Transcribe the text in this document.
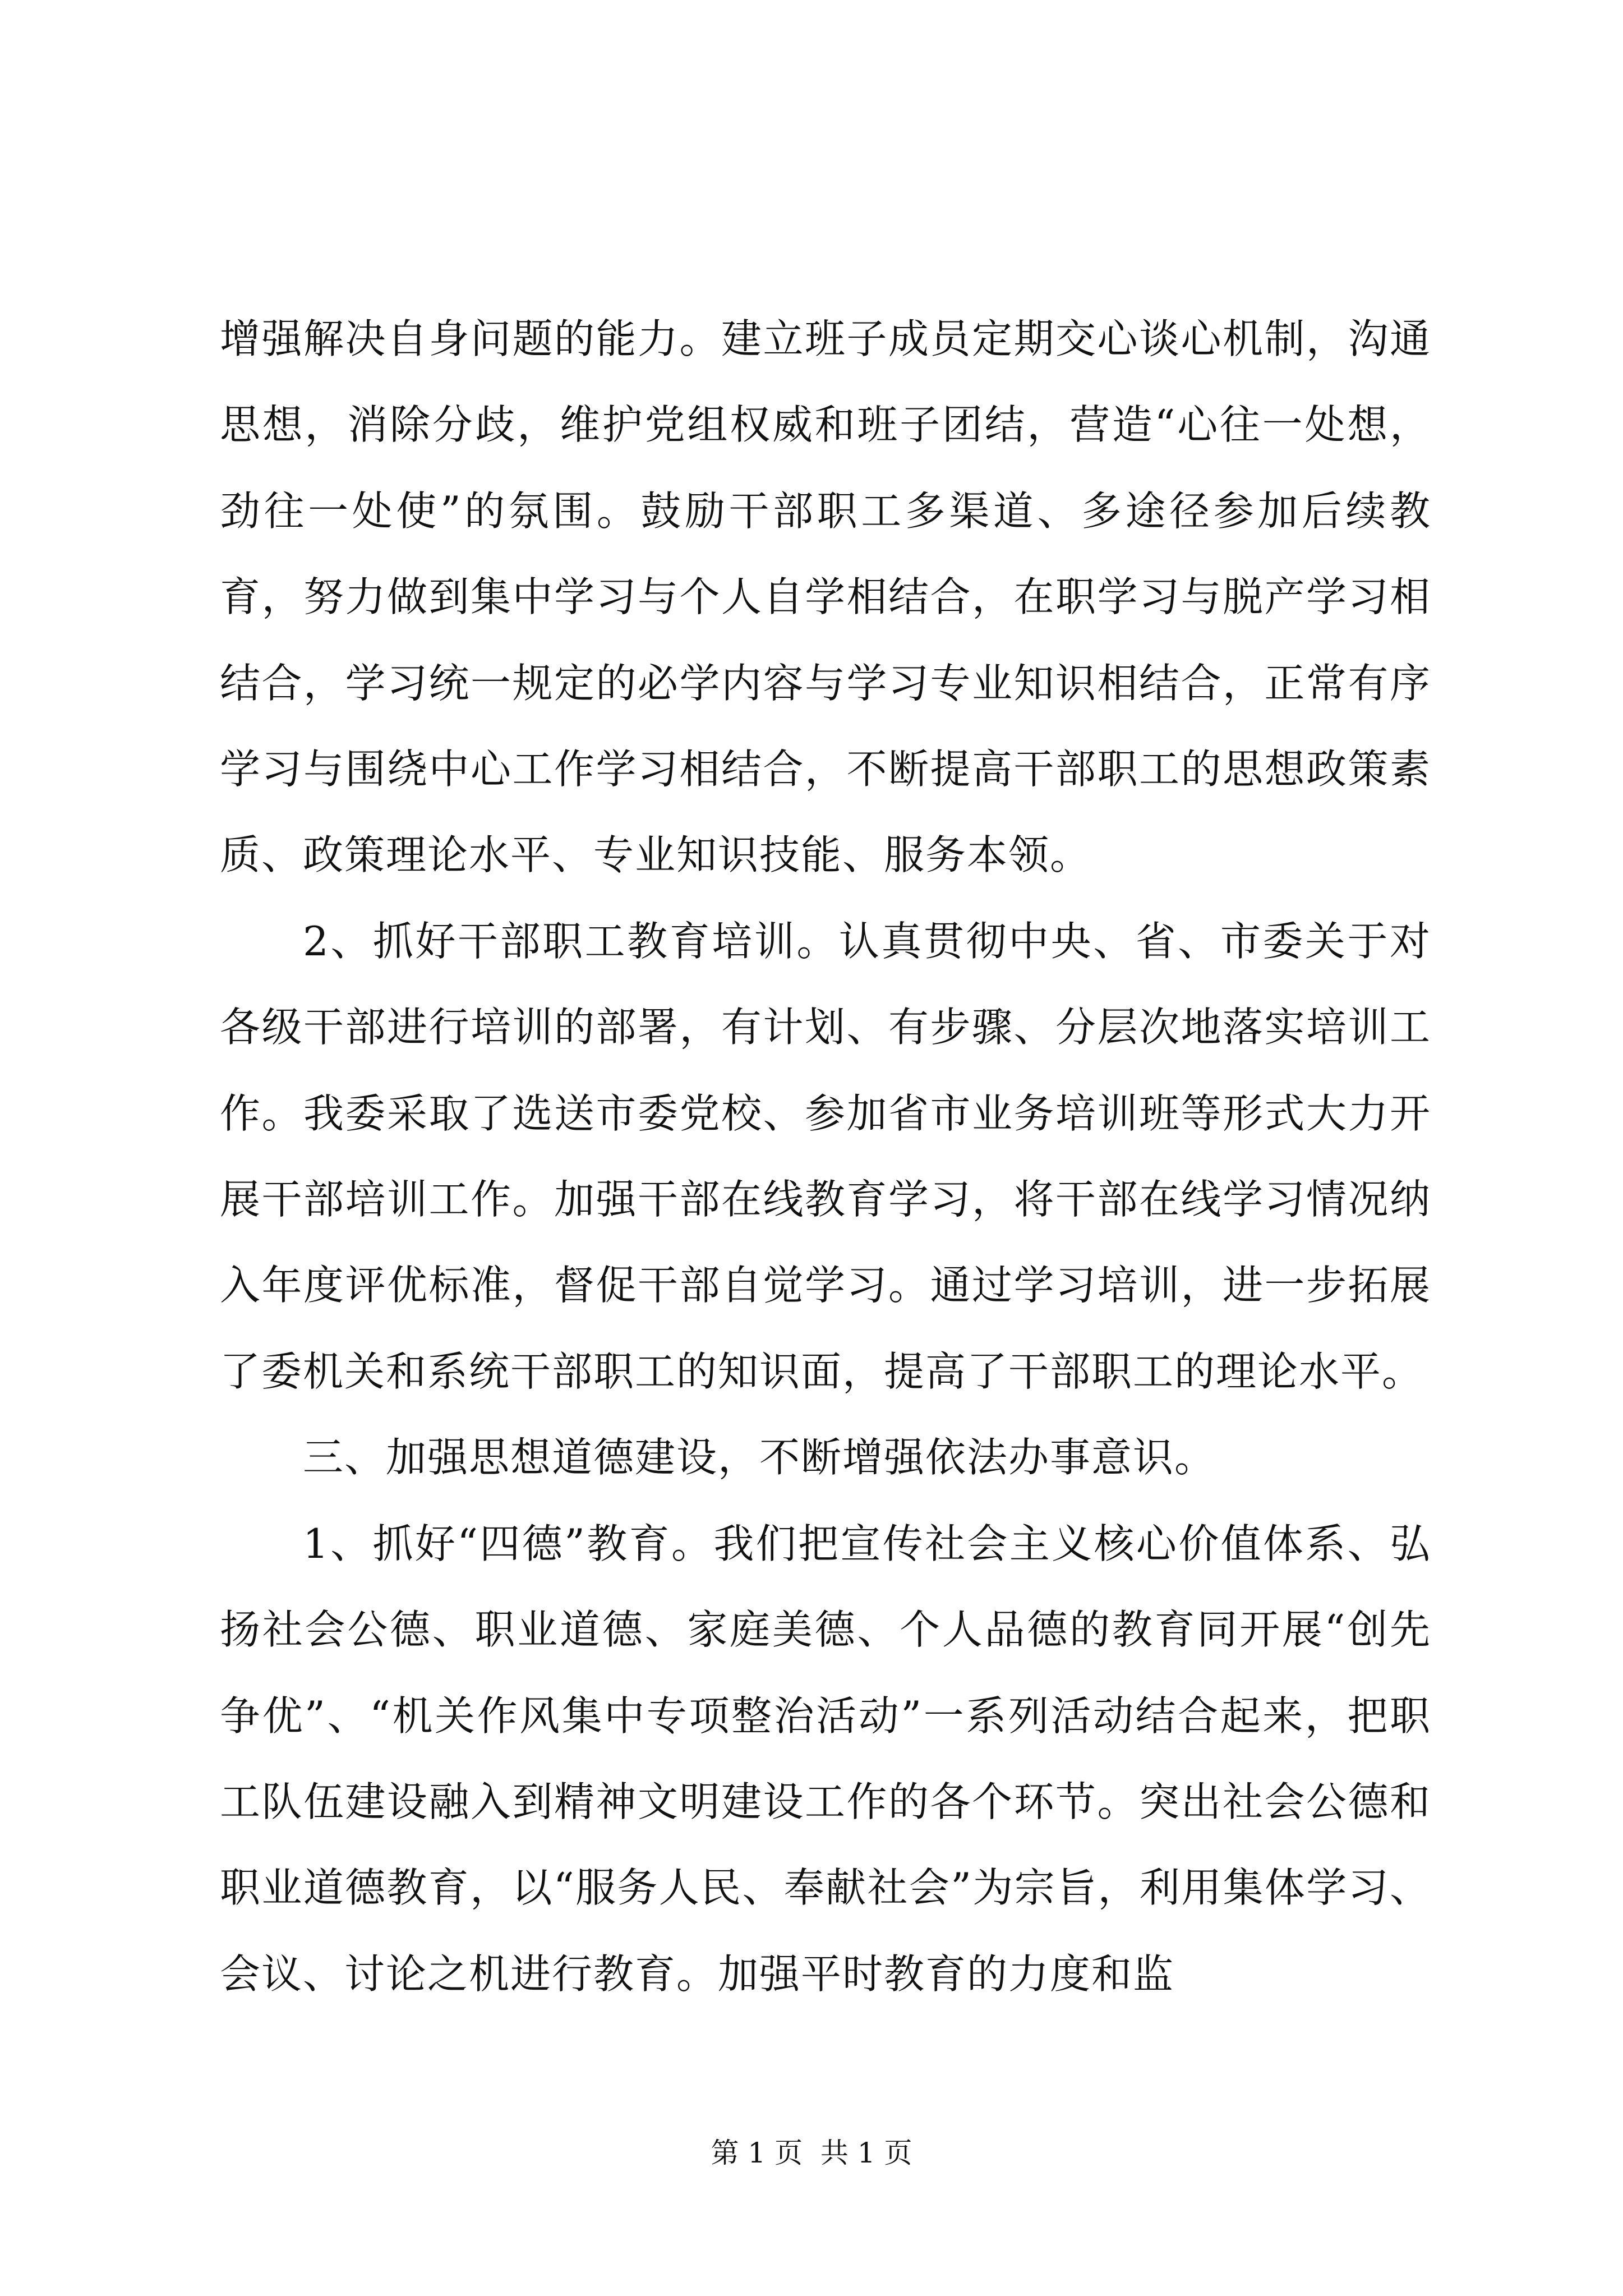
增强解决自身问题的能力。建立班子成员定期交心谈心机制，沟通思想，消除分歧，维护党组权威和班子团结，营造“心往一处想，劲往一处使”的氛围。鼓励干部职工多渠道、多途径参加后续教育，努力做到集中学习与个人自学相结合，在职学习与脱产学习相结合，学习统一规定的必学内容与学习专业知识相结合，正常有序学习与围绕中心工作学习相结合，不断提高干部职工的思想政策素质、政策理论水平、专业知识技能、服务本领。

2、抓好干部职工教育培训。认真贯彻中央、省、市委关于对各级干部进行培训的部署，有计划、有步骤、分层次地落实培训工作。我委采取了选送市委党校、参加省市业务培训班等形式大力开展干部培训工作。加强干部在线教育学习，将干部在线学习情况纳入年度评优标准，督促干部自觉学习。通过学习培训，进一步拓展了委机关和系统干部职工的知识面，提高了干部职工的理论水平。

三、加强思想道德建设，不断增强依法办事意识。

1、抓好“四德”教育。我们把宣传社会主义核心价值体系、弘扬社会公德、职业道德、家庭美德、个人品德的教育同开展“创先争优”、“机关作风集中专项整治活动”一系列活动结合起来，把职工队伍建设融入到精神文明建设工作的各个环节。突出社会公德和职业道德教育，以“服务人民、奉献社会”为宗旨，利用集体学习、会议、讨论之机进行教育。加强平时教育的力度和监

第 1 页  共 1 页
